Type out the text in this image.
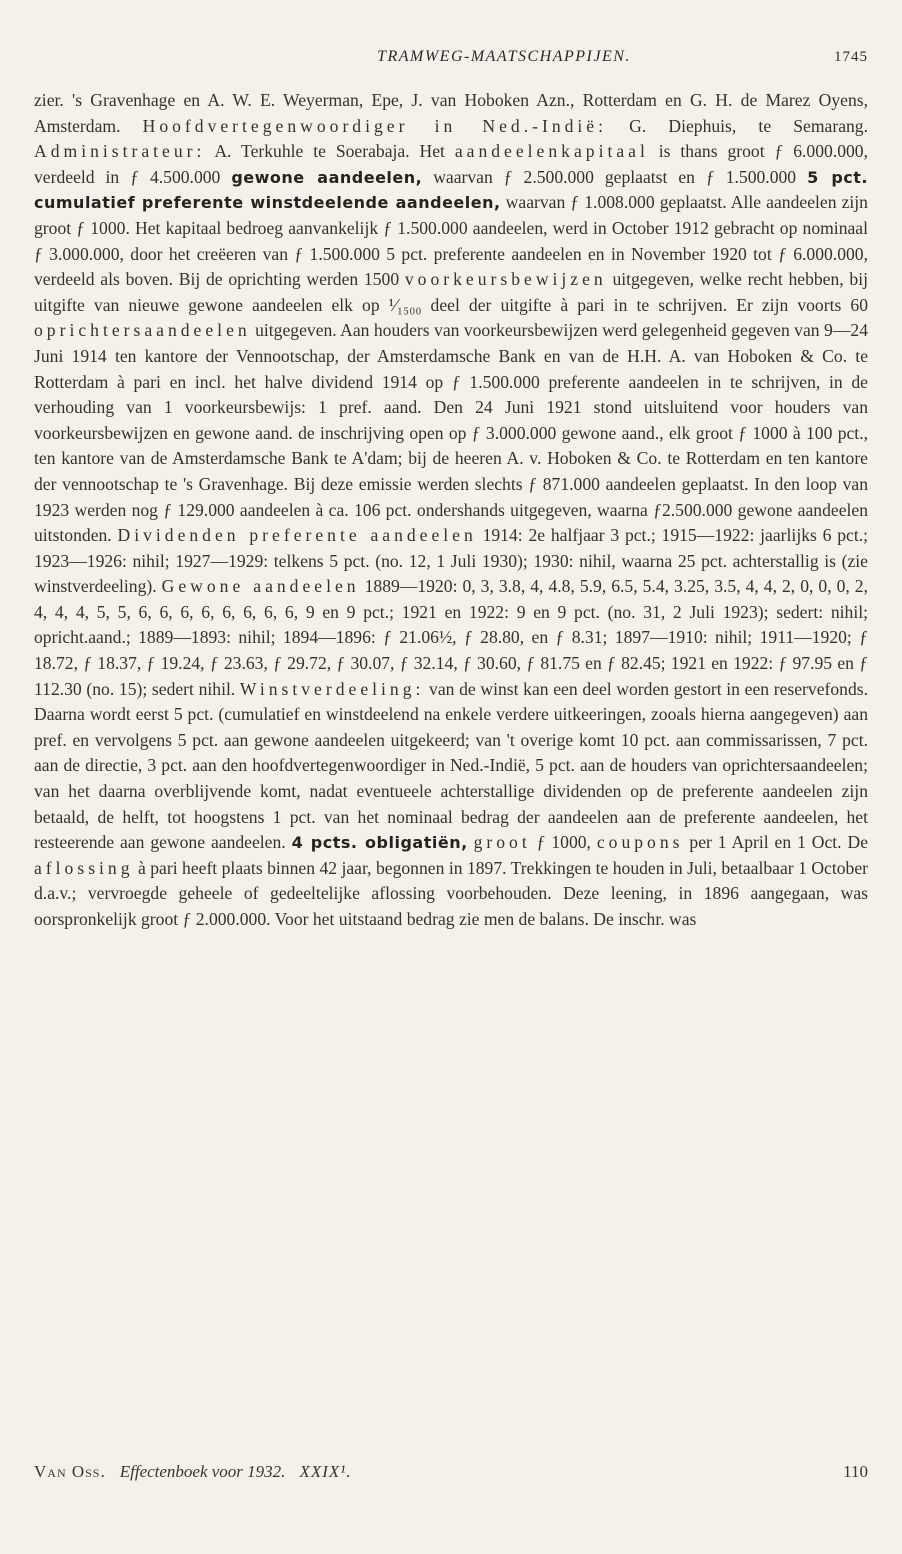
TRAMWEG-MAATSCHAPPIJEN.	1745

zier. 's Gravenhage en A. W. E. Weyerman, Epe, J. van Hoboken Azn., Rotterdam en G. H. de Marez Oyens, Amsterdam. Hoofdvertegenwoordiger in Ned.-Indië: G. Diephuis, te Semarang. Administrateur: A. Terkuhle te Soerabaja. Het aandeelenkapitaal is thans groot ƒ 6.000.000, verdeeld in ƒ 4.500.000 gewone aandeelen, waarvan ƒ 2.500.000 geplaatst en ƒ 1.500.000 5 pct. cumulatief preferente winstdeelende aandeelen, waarvan ƒ 1.008.000 geplaatst. Alle aandeelen zijn groot ƒ 1000. Het kapitaal bedroeg aanvankelijk ƒ 1.500.000 aandeelen, werd in October 1912 gebracht op nominaal ƒ 3.000.000, door het creëeren van ƒ 1.500.000 5 pct. preferente aandeelen en in November 1920 tot ƒ 6.000.000, verdeeld als boven. Bij de oprichting werden 1500 voorkeursbewijzen uitgegeven, welke recht hebben, bij uitgifte van nieuwe gewone aandeelen elk op ¹⁄₁₅₀₀ deel der uitgifte à pari in te schrijven. Er zijn voorts 60 oprichtersaandeelen uitgegeven. Aan houders van voorkeursbewijzen werd gelegenheid gegeven van 9—24 Juni 1914 ten kantore der Vennootschap, der Amsterdamsche Bank en van de H.H. A. van Hoboken & Co. te Rotterdam à pari en incl. het halve dividend 1914 op ƒ 1.500.000 preferente aandeelen in te schrijven, in de verhouding van 1 voorkeursbewijs: 1 pref. aand. Den 24 Juni 1921 stond uitsluitend voor houders van voorkeursbewijzen en gewone aand. de inschrijving open op ƒ 3.000.000 gewone aand., elk groot ƒ 1000 à 100 pct., ten kantore van de Amsterdamsche Bank te A'dam; bij de heeren A. v. Hoboken & Co. te Rotterdam en ten kantore der vennootschap te 's Gravenhage. Bij deze emissie werden slechts ƒ 871.000 aandeelen geplaatst. In den loop van 1923 werden nog ƒ 129.000 aandeelen à ca. 106 pct. ondershands uitgegeven, waarna ƒ2.500.000 gewone aandeelen uitstonden. Dividenden preferente aandeelen 1914: 2e halfjaar 3 pct.; 1915—1922: jaarlijks 6 pct.; 1923—1926: nihil; 1927—1929: telkens 5 pct. (no. 12, 1 Juli 1930); 1930: nihil, waarna 25 pct. achterstallig is (zie winstverdeeling). Gewone aandeelen 1889—1920: 0, 3, 3.8, 4, 4.8, 5.9, 6.5, 5.4, 3.25, 3.5, 4, 4, 2, 0, 0, 0, 2, 4, 4, 4, 5, 5, 6, 6, 6, 6, 6, 6, 6, 6, 9 en 9 pct.; 1921 en 1922: 9 en 9 pct. (no. 31, 2 Juli 1923); sedert: nihil; opricht.aand.; 1889—1893: nihil; 1894—1896: ƒ 21.06½, ƒ 28.80, en ƒ 8.31; 1897—1910: nihil; 1911—1920; ƒ 18.72, ƒ 18.37, ƒ 19.24, ƒ 23.63, ƒ 29.72, ƒ 30.07, ƒ 32.14, ƒ 30.60, ƒ 81.75 en ƒ 82.45; 1921 en 1922: ƒ 97.95 en ƒ 112.30 (no. 15); sedert nihil. Winstverdeeling: van de winst kan een deel worden gestort in een reservefonds. Daarna wordt eerst 5 pct. (cumulatief en winstdeelend na enkele verdere uitkeeringen, zooals hierna aangegeven) aan pref. en vervolgens 5 pct. aan gewone aandeelen uitgekeerd; van 't overige komt 10 pct. aan commissarissen, 7 pct. aan de directie, 3 pct. aan den hoofdvertegenwoordiger in Ned.-Indië, 5 pct. aan de houders van oprichtersaandeelen; van het daarna overblijvende komt, nadat eventueele achterstallige dividenden op de preferente aandeelen zijn betaald, de helft, tot hoogstens 1 pct. van het nominaal bedrag der aandeelen aan de preferente aandeelen, het resteerende aan gewone aandeelen. 4 pcts. obligatiën, groot ƒ 1000, coupons per 1 April en 1 Oct. De aflossing à pari heeft plaats binnen 42 jaar, begonnen in 1897. Trekkingen te houden in Juli, betaalbaar 1 October d.a.v.; vervroegde geheele of gedeeltelijke aflossing voorbehouden. Deze leening, in 1896 aangegaan, was oorspronkelijk groot ƒ 2.000.000. Voor het uitstaand bedrag zie men de balans. De inschr. was

Van Oss. Effectenboek voor 1932. XXIX¹.	110
